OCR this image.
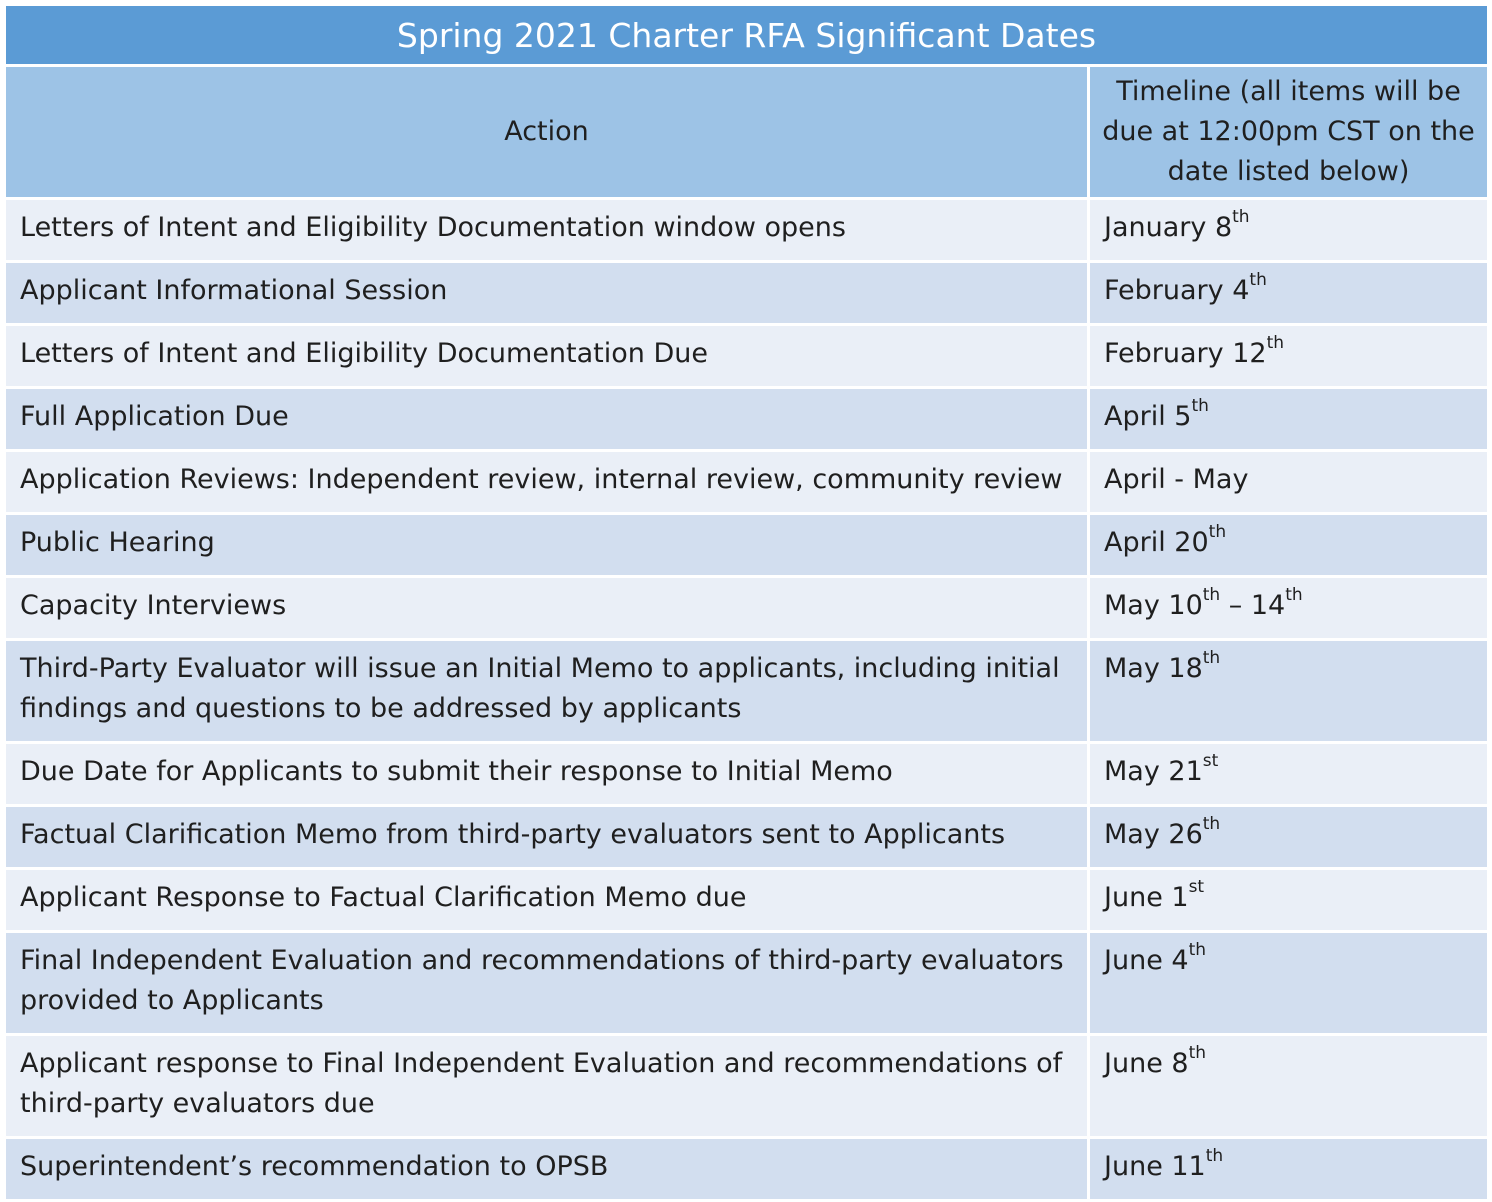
Spring 2021 Charter RFA Significant Dates	
Action	Timeline (all items will be due at 12:00pm CST on the date listed below)
Letters of Intent and Eligibility Documentation window opens	January 8th
Applicant Informational Session	February 4th
Letters of Intent and Eligibility Documentation Due	February 12th
Full Application Due	April 5th
Application Reviews: Independent review, internal review, community review	April - May
Public Hearing	April 20th
Capacity Interviews	May 10th – 14th
Third-Party Evaluator will issue an Initial Memo to applicants, including initial findings and questions to be addressed by applicants	May 18th
Due Date for Applicants to submit their response to Initial Memo	May 21st
Factual Clarification Memo from third-party evaluators sent to Applicants	May 26th
Applicant Response to Factual Clarification Memo due	June 1st
Final Independent Evaluation and recommendations of third-party evaluators provided to Applicants	June 4th
Applicant response to Final Independent Evaluation and recommendations of third-party evaluators due	June 8th
Superintendent’s recommendation to OPSB	June 11th
